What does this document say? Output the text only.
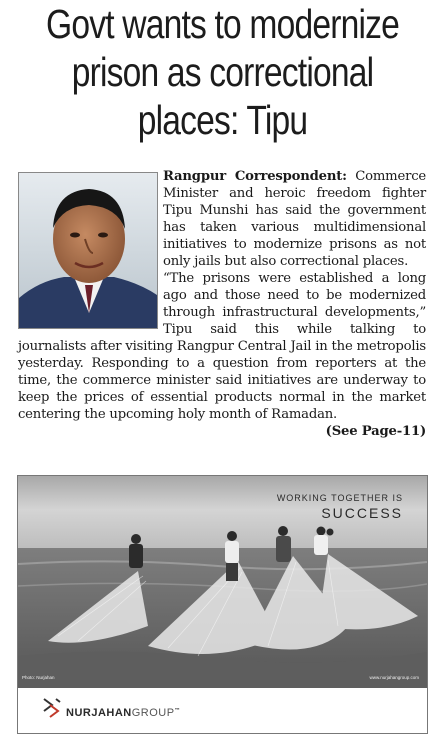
Govt wants to modernize
prison as correctional
places: Tipu

Rangpur Correspondent: Commerce Minister and heroic freedom fighter Tipu Munshi has said the government has taken various multidimensional initiatives to modernize prisons as not only jails but also correctional places.

“The prisons were established a long ago and those need to be modernized through infrastructural developments,” Tipu said this while talking to journalists after visiting Rangpur Central Jail in the metropolis yesterday. Responding to a question from reporters at the time, the commerce minister said initiatives are underway to keep the prices of essential products normal in the market centering the upcoming holy month of Ramadan.
(See Page-11)

WORKING TOGETHER IS
SUCCESS
Photo: Nurjahan	www.nurjahangroup.com
NURJAHANGROUP™
